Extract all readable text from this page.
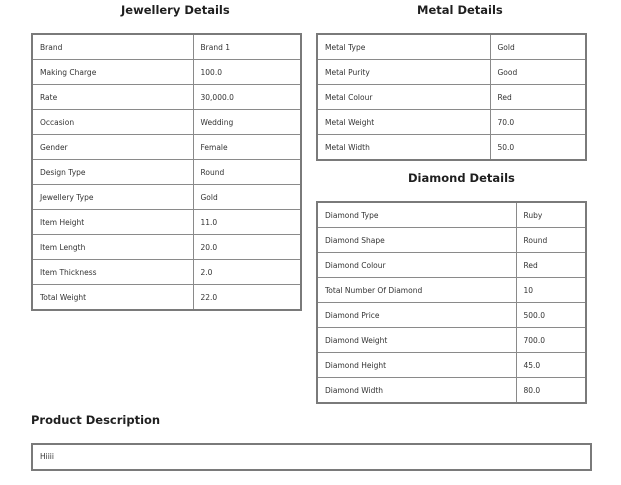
Jewellery Details
Brand	Brand 1
Making Charge	100.0
Rate	30,000.0
Occasion	Wedding
Gender	Female
Design Type	Round
Jewellery Type	Gold
Item Height	11.0
Item Length	20.0
Item Thickness	2.0
Total Weight	22.0
Metal Details
Metal Type	Gold
Metal Purity	Good
Metal Colour	Red
Metal Weight	70.0
Metal Width	50.0
Diamond Details
Diamond Type	Ruby
Diamond Shape	Round
Diamond Colour	Red
Total Number Of Diamond	10
Diamond Price	500.0
Diamond Weight	700.0
Diamond Height	45.0
Diamond Width	80.0
Product Description
Hiiii
